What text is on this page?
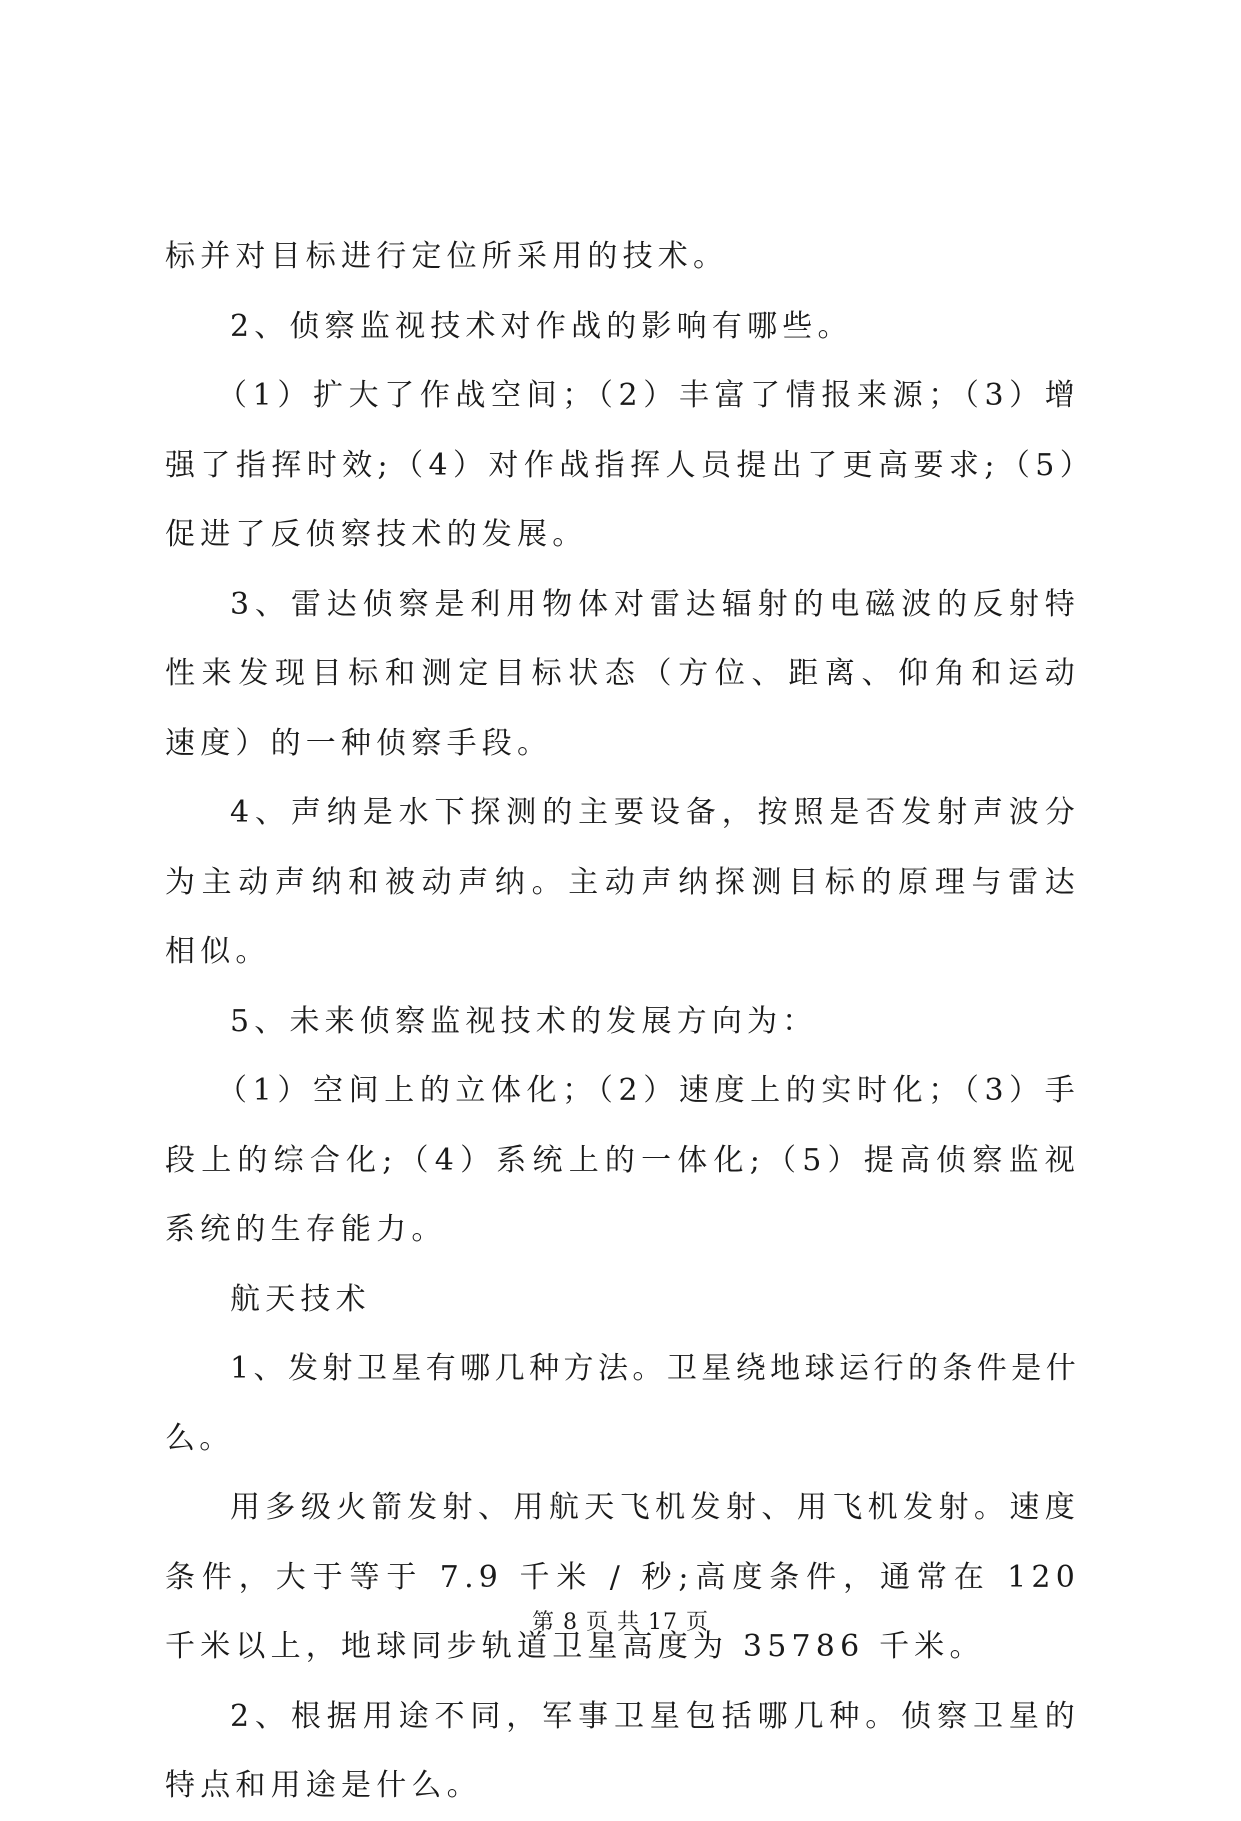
标并对目标进行定位所采用的技术。

2、侦察监视技术对作战的影响有哪些。

（1）扩大了作战空间；（2）丰富了情报来源；（3）增强了指挥时效;（4）对作战指挥人员提出了更高要求;（5）促进了反侦察技术的发展。

3、雷达侦察是利用物体对雷达辐射的电磁波的反射特性来发现目标和测定目标状态（方位、距离、仰角和运动速度）的一种侦察手段。

4、声纳是水下探测的主要设备，按照是否发射声波分为主动声纳和被动声纳。主动声纳探测目标的原理与雷达相似。

5、未来侦察监视技术的发展方向为：

（1）空间上的立体化；（2）速度上的实时化；（3）手段上的综合化;（4）系统上的一体化;（5）提高侦察监视系统的生存能力。

航天技术

1、发射卫星有哪几种方法。卫星绕地球运行的条件是什么。

用多级火箭发射、用航天飞机发射、用飞机发射。速度条件，大于等于 7.9 千米 / 秒;高度条件，通常在 120 千米以上，地球同步轨道卫星高度为 35786 千米。

2、根据用途不同，军事卫星包括哪几种。侦察卫星的特点和用途是什么。

第 8 页 共 17 页
